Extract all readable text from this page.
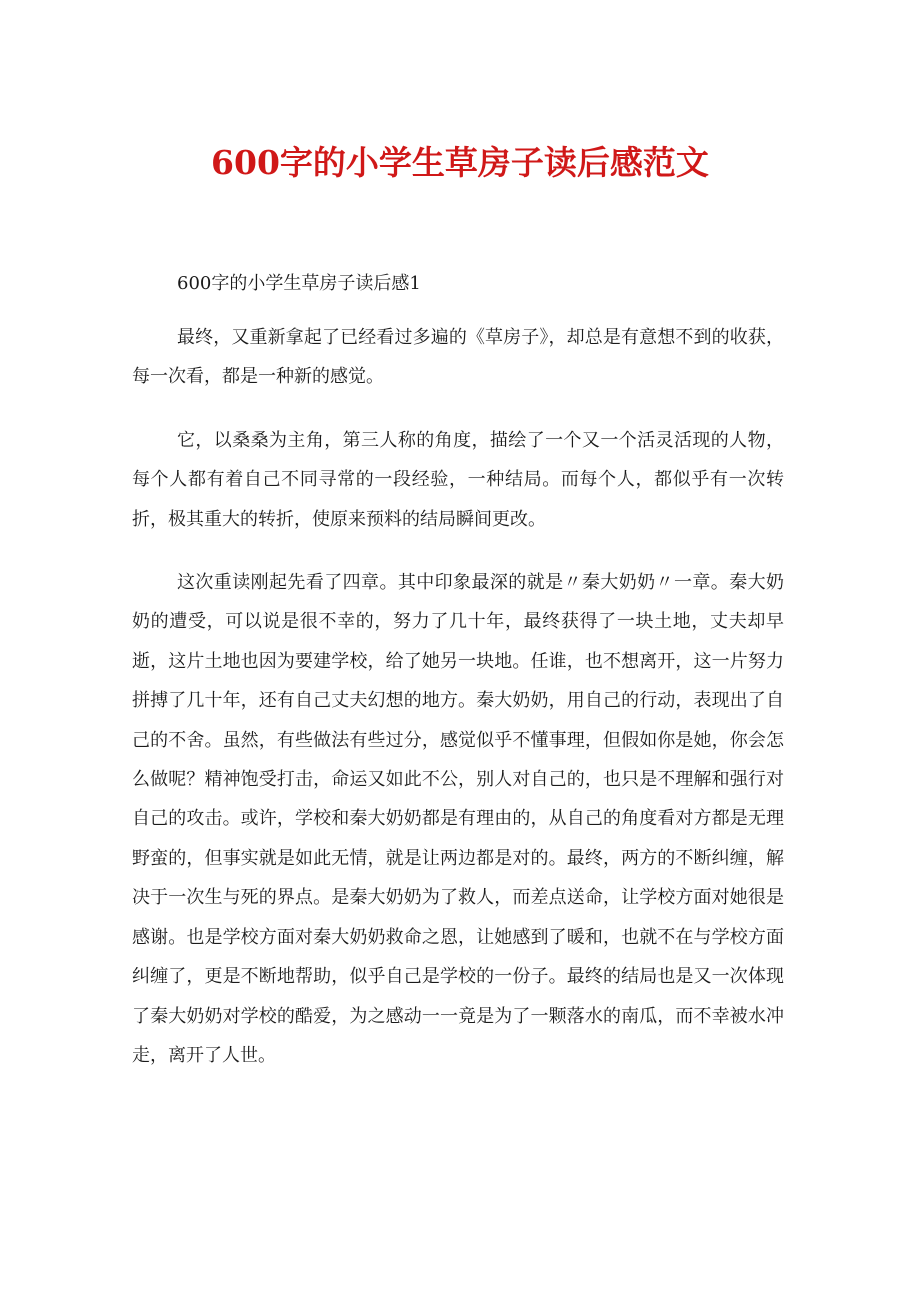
600字的小学生草房子读后感范文

600字的小学生草房子读后感1

最终，又重新拿起了已经看过多遍的《草房子》，却总是有意想不到的收获，每一次看，都是一种新的感觉。

它，以桑桑为主角，第三人称的角度，描绘了一个又一个活灵活现的人物，每个人都有着自己不同寻常的一段经验，一种结局。而每个人，都似乎有一次转折，极其重大的转折，使原来预料的结局瞬间更改。

这次重读刚起先看了四章。其中印象最深的就是〃秦大奶奶〃一章。秦大奶奶的遭受，可以说是很不幸的，努力了几十年，最终获得了一块土地，丈夫却早逝，这片土地也因为要建学校，给了她另一块地。任谁，也不想离开，这一片努力拼搏了几十年，还有自己丈夫幻想的地方。秦大奶奶，用自己的行动，表现出了自己的不舍。虽然，有些做法有些过分，感觉似乎不懂事理，但假如你是她，你会怎么做呢？精神饱受打击，命运又如此不公，别人对自己的，也只是不理解和强行对自己的攻击。或许，学校和秦大奶奶都是有理由的，从自己的角度看对方都是无理野蛮的，但事实就是如此无情，就是让两边都是对的。最终，两方的不断纠缠，解决于一次生与死的界点。是秦大奶奶为了救人，而差点送命，让学校方面对她很是感谢。也是学校方面对秦大奶奶救命之恩，让她感到了暖和，也就不在与学校方面纠缠了，更是不断地帮助，似乎自己是学校的一份子。最终的结局也是又一次体现了秦大奶奶对学校的酷爱，为之感动一一竟是为了一颗落水的南瓜，而不幸被水冲走，离开了人世。
